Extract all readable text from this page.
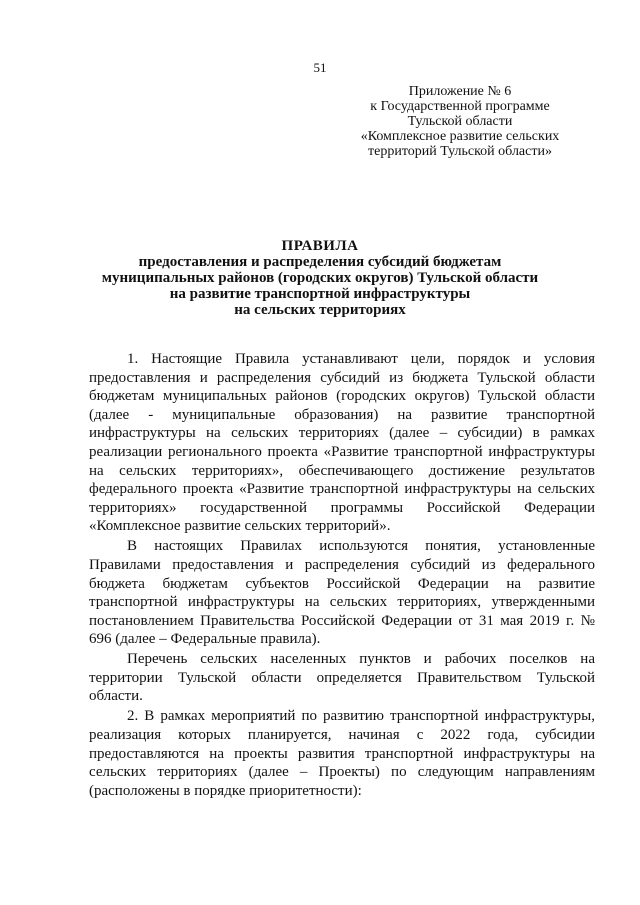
51
Приложение № 6
к Государственной программе
Тульской области
«Комплексное развитие сельских
территорий Тульской области»
ПРАВИЛА
предоставления и распределения субсидий бюджетам
муниципальных районов (городских округов) Тульской области
на развитие транспортной инфраструктуры
на сельских территориях

1. Настоящие Правила устанавливают цели, порядок и условия предоставления и распределения субсидий из бюджета Тульской области бюджетам муниципальных районов (городских округов) Тульской области (далее - муниципальные образования) на развитие транспортной инфраструктуры на сельских территориях (далее – субсидии) в рамках реализации регионального проекта «Развитие транспортной инфраструктуры на сельских территориях», обеспечивающего достижение результатов федерального проекта «Развитие транспортной инфраструктуры на сельских территориях» государственной программы Российской Федерации «Комплексное развитие сельских территорий».

В настоящих Правилах используются понятия, установленные Правилами предоставления и распределения субсидий из федерального бюджета бюджетам субъектов Российской Федерации на развитие транспортной инфраструктуры на сельских территориях, утвержденными постановлением Правительства Российской Федерации от 31 мая 2019 г. № 696 (далее – Федеральные правила).

Перечень сельских населенных пунктов и рабочих поселков на территории Тульской области определяется Правительством Тульской области.

2. В рамках мероприятий по развитию транспортной инфраструктуры, реализация которых планируется, начиная с 2022 года, субсидии предоставляются на проекты развития транспортной инфраструктуры на сельских территориях (далее – Проекты) по следующим направлениям (расположены в порядке приоритетности):
